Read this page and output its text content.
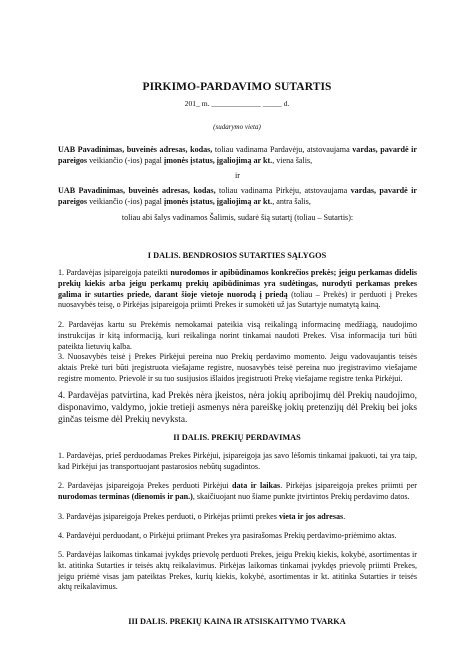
PIRKIMO-PARDAVIMO SUTARTIS
201_ m. _____________ _____ d.
(sudarymo vieta)
UAB Pavadinimas, buveinės adresas, kodas, toliau vadinama Pardavėju, atstovaujama vardas, pavardė ir pareigos veikiančio (-ios) pagal įmonės įstatus, įgaliojimą ar kt., viena šalis,
ir
UAB Pavadinimas, buveinės adresas, kodas, toliau vadinama Pirkėju, atstovaujama vardas, pavardė ir pareigos veikiančio (-ios) pagal įmonės įstatus, įgaliojimą ar kt., antra šalis,
toliau abi šalys vadinamos Šalimis, sudarė šią sutartį (toliau – Sutartis):
I DALIS. BENDROSIOS SUTARTIES SĄLYGOS
1. Pardavėjas įsipareigoja pateikti nurodomos ir apibūdinamos konkrečios prekės; jeigu perkamas didelis prekių kiekis arba jeigu perkamų prekių apibūdinimas yra sudėtingas, nurodyti perkamas prekes galima ir sutarties priede, darant šioje vietoje nuorodą į priedą (toliau – Prekės) ir perduoti į Prekes nuosavybės teisę, o Pirkėjas įsipareigoja priimti Prekes ir sumokėti už jas Sutartyje numatytą kainą.
2. Pardavėjas kartu su Prekėmis nemokamai pateikia visą reikalingą informacinę medžiagą, naudojimo instrukcijas ir kitą informaciją, kuri reikalinga norint tinkamai naudoti Prekes. Visa informacija turi būti pateikta lietuvių kalba.
3. Nuosavybės teisė į Prekes Pirkėjui pereina nuo Prekių perdavimo momento. Jeigu vadovaujantis teisės aktais Prekė turi būti įregistruota viešajame registre, nuosavybės teisė pereina nuo įregistravimo viešajame registre momento. Prievolė ir su tuo susijusios išlaidos įregistruoti Prekę viešajame registre tenka Pirkėjui.
4. Pardavėjas patvirtina, kad Prekės nėra įkeistos, nėra jokių apribojimų dėl Prekių naudojimo, disponavimo, valdymo, jokie tretieji asmenys nėra pareiškę jokių pretenzijų dėl Prekių bei joks ginčas teisme dėl Prekių nevyksta.
II DALIS. PREKIŲ PERDAVIMAS
1. Pardavėjas, prieš perduodamas Prekes Pirkėjui, įsipareigoja jas savo lėšomis tinkamai įpakuoti, tai yra taip, kad Pirkėjui jas transportuojant pastarosios nebūtų sugadintos.
2. Pardavėjas įsipareigoja Prekes perduoti Pirkėjui data ir laikas. Pirkėjas įsipareigoja prekes priimti per nurodomas terminas (dienomis ir pan.), skaičiuojant nuo šiame punkte įtvirtintos Prekių perdavimo datos.
3. Pardavėjas įsipareigoja Prekes perduoti, o Pirkėjas priimti prekes vieta ir jos adresas.
4. Pardavėjui perduodant, o Pirkėjui priimant Prekes yra pasirašomas Prekių perdavimo-priėmimo aktas.
5. Pardavėjas laikomas tinkamai įvykdęs prievolę perduoti Prekes, jeigu Prekių kiekis, kokybė, asortimentas ir kt. atitinka Sutarties ir teisės aktų reikalavimus. Pirkėjas laikomas tinkamai įvykdęs prievolę priimti Prekes, jeigu priėmė visas jam pateiktas Prekes, kurių kiekis, kokybė, asortimentas ir kt. atitinka Sutarties ir teisės aktų reikalavimus.
III DALIS. PREKIŲ KAINA IR ATSISKAITYMO TVARKA
